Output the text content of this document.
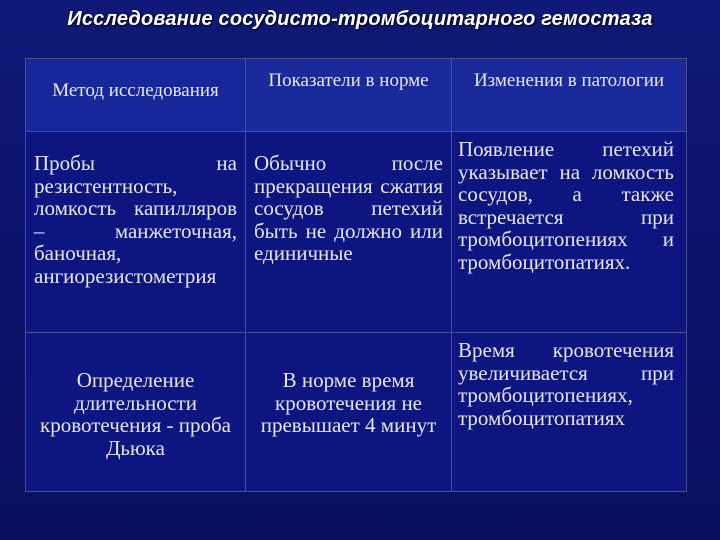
Исследование сосудисто-тромбоцитарного гемостаза
Метод исследования	Показатели в норме	Изменения в патологии

Пробы на резистентность, ломкость капилляров – манжеточная, баночная, ангиорезистометрия	Обычно после прекращения сжатия сосудов петехий быть не должно или единичные	Появление петехий указывает на ломкость сосудов, а также встречается при тромбоцитопениях и тромбоцитопатиях.

Определение длительности кровотечения - проба Дьюка	В норме время кровотечения не превышает 4 минут	Время кровотечения увеличивается при тромбоцитопениях, тромбоцитопатиях
